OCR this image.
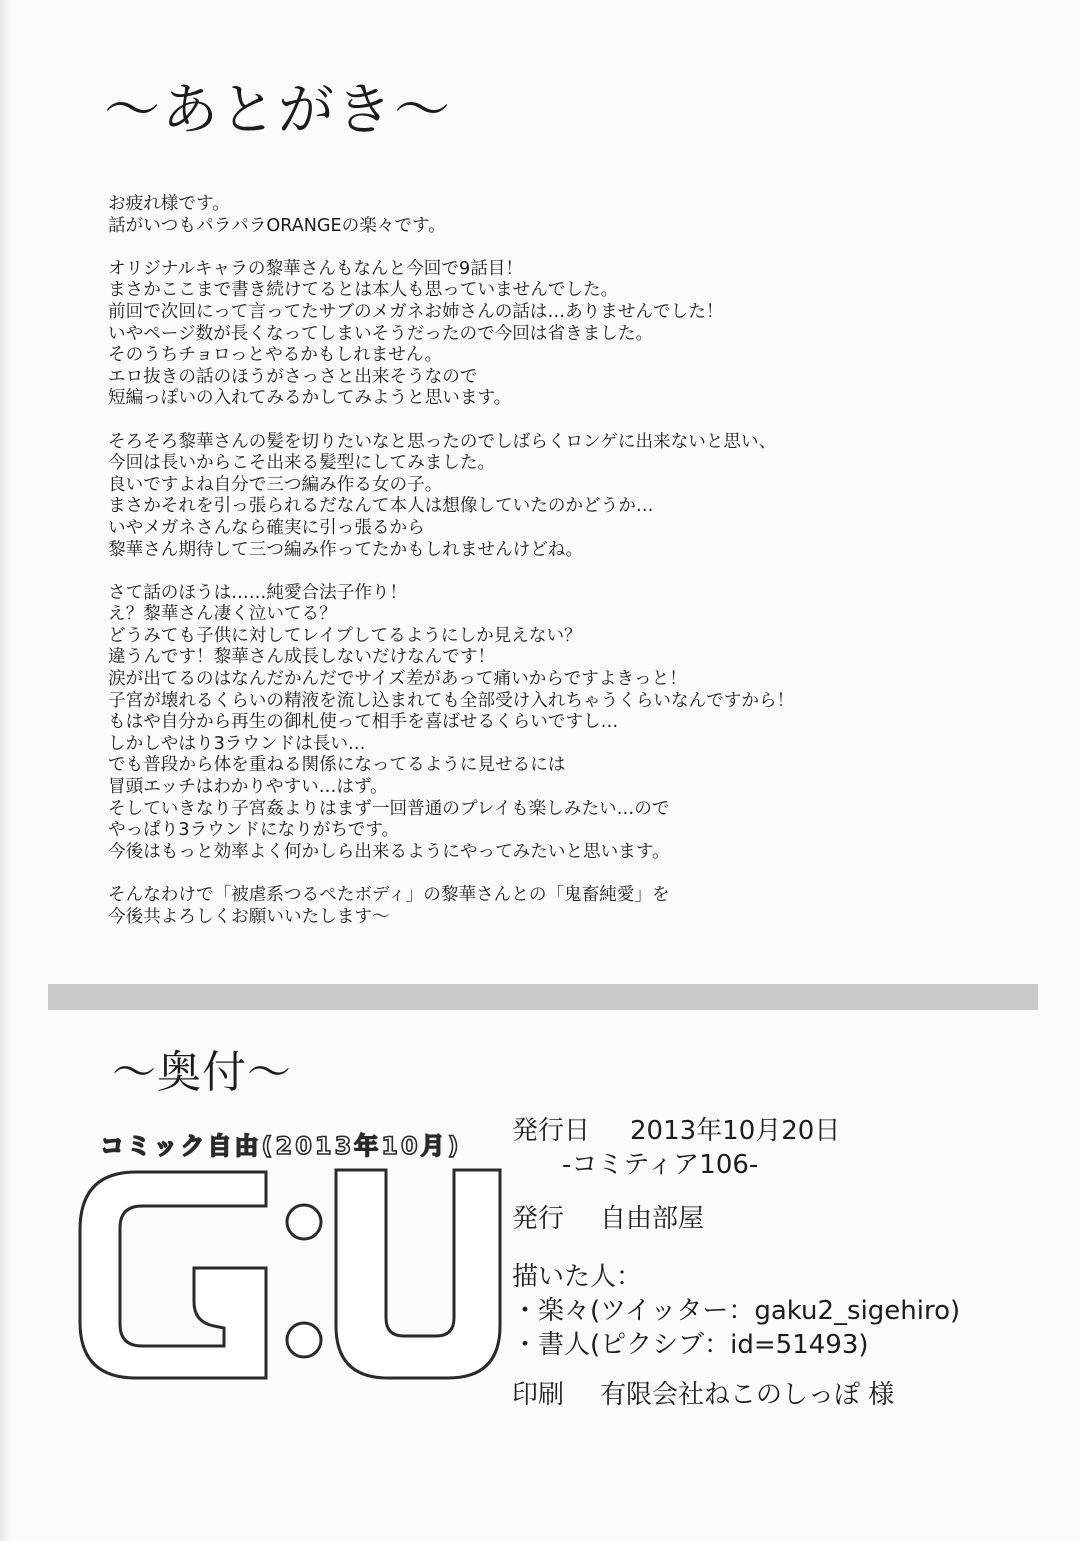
～あとがき～

お疲れ様です。
話がいつもパラパラORANGEの楽々です。

オリジナルキャラの黎華さんもなんと今回で9話目！
まさかここまで書き続けてるとは本人も思っていませんでした。
前回で次回にって言ってたサブのメガネお姉さんの話は…ありませんでした！
いやページ数が長くなってしまいそうだったので今回は省きました。
そのうちチョロっとやるかもしれません。
エロ抜きの話のほうがさっさと出来そうなので
短編っぽいの入れてみるかしてみようと思います。

そろそろ黎華さんの髪を切りたいなと思ったのでしばらくロンゲに出来ないと思い、
今回は長いからこそ出来る髪型にしてみました。
良いですよね自分で三つ編み作る女の子。
まさかそれを引っ張られるだなんて本人は想像していたのかどうか…
いやメガネさんなら確実に引っ張るから
黎華さん期待して三つ編み作ってたかもしれませんけどね。

さて話のほうは……純愛合法子作り！
え？黎華さん凄く泣いてる？
どうみても子供に対してレイプしてるようにしか見えない？
違うんです！黎華さん成長しないだけなんです！
涙が出てるのはなんだかんだでサイズ差があって痛いからですよきっと！
子宮が壊れるくらいの精液を流し込まれても全部受け入れちゃうくらいなんですから！
もはや自分から再生の御札使って相手を喜ばせるくらいですし…
しかしやはり3ラウンドは長い…
でも普段から体を重ねる関係になってるように見せるには
冒頭エッチはわかりやすい…はず。
そしていきなり子宮姦よりはまず一回普通のプレイも楽しみたい…ので
やっぱり3ラウンドになりがちです。
今後はもっと効率よく何かしら出来るようにやってみたいと思います。

そんなわけで「被虐系つるぺたボディ」の黎華さんとの「鬼畜純愛」を
今後共よろしくお願いいたします～

～奥付～
コミック自由(2013年10月)	発行日 2013年10月20日
-コミティア106-
発行 自由部屋
描いた人：
・楽々(ツイッター：gaku2_sigehiro)
・書人(ピクシブ：id=51493)
印刷 有限会社ねこのしっぽ 様
